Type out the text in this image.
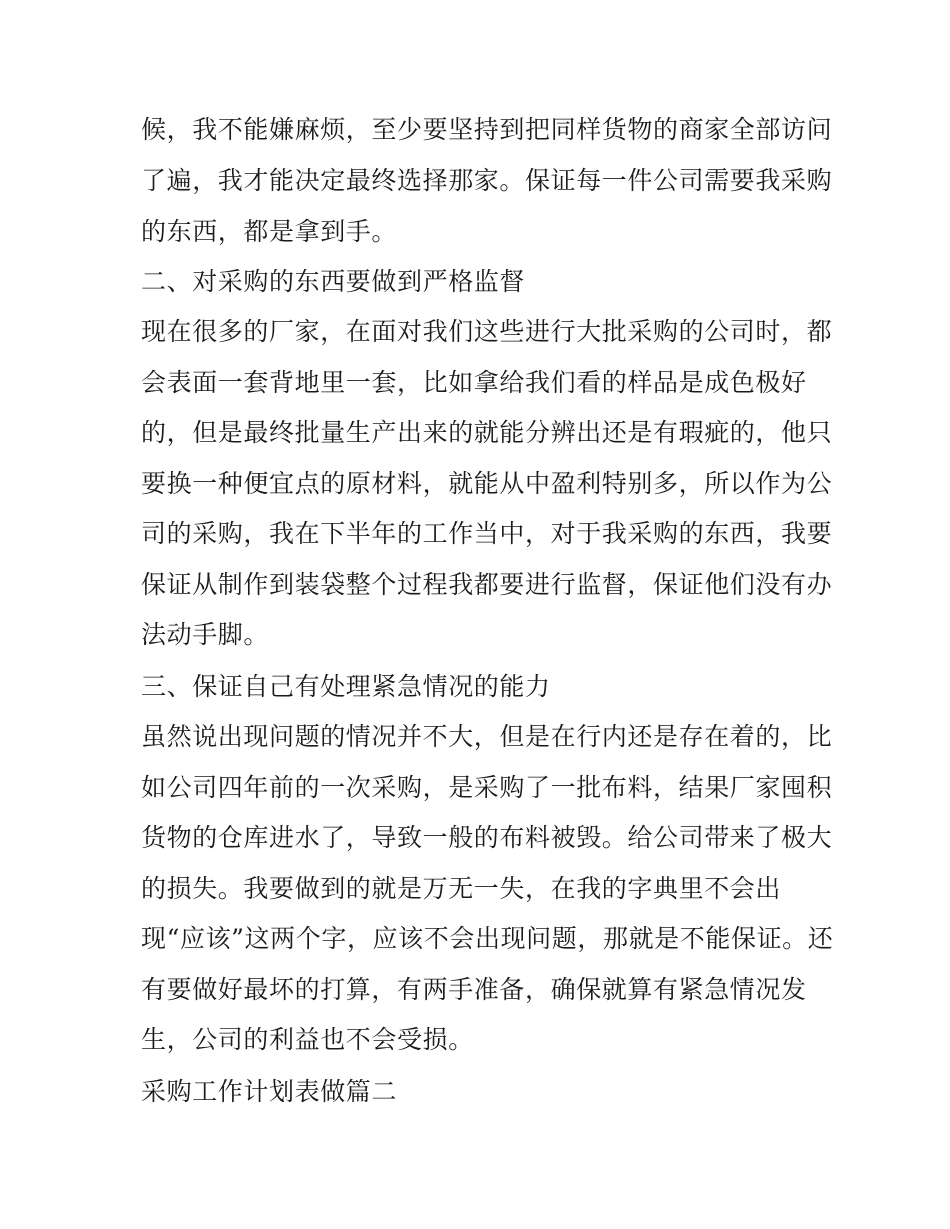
候，我不能嫌麻烦，至少要坚持到把同样货物的商家全部访问

了遍，我才能决定最终选择那家。保证每一件公司需要我采购

的东西，都是拿到手。

二、对采购的东西要做到严格监督

现在很多的厂家，在面对我们这些进行大批采购的公司时，都

会表面一套背地里一套，比如拿给我们看的样品是成色极好

的，但是最终批量生产出来的就能分辨出还是有瑕疵的，他只

要换一种便宜点的原材料，就能从中盈利特别多，所以作为公

司的采购，我在下半年的工作当中，对于我采购的东西，我要

保证从制作到装袋整个过程我都要进行监督，保证他们没有办

法动手脚。

三、保证自己有处理紧急情况的能力

虽然说出现问题的情况并不大，但是在行内还是存在着的，比

如公司四年前的一次采购，是采购了一批布料，结果厂家囤积

货物的仓库进水了，导致一般的布料被毁。给公司带来了极大

的损失。我要做到的就是万无一失，在我的字典里不会出

现“应该”这两个字，应该不会出现问题，那就是不能保证。还

有要做好最坏的打算，有两手准备，确保就算有紧急情况发

生，公司的利益也不会受损。

采购工作计划表做篇二
